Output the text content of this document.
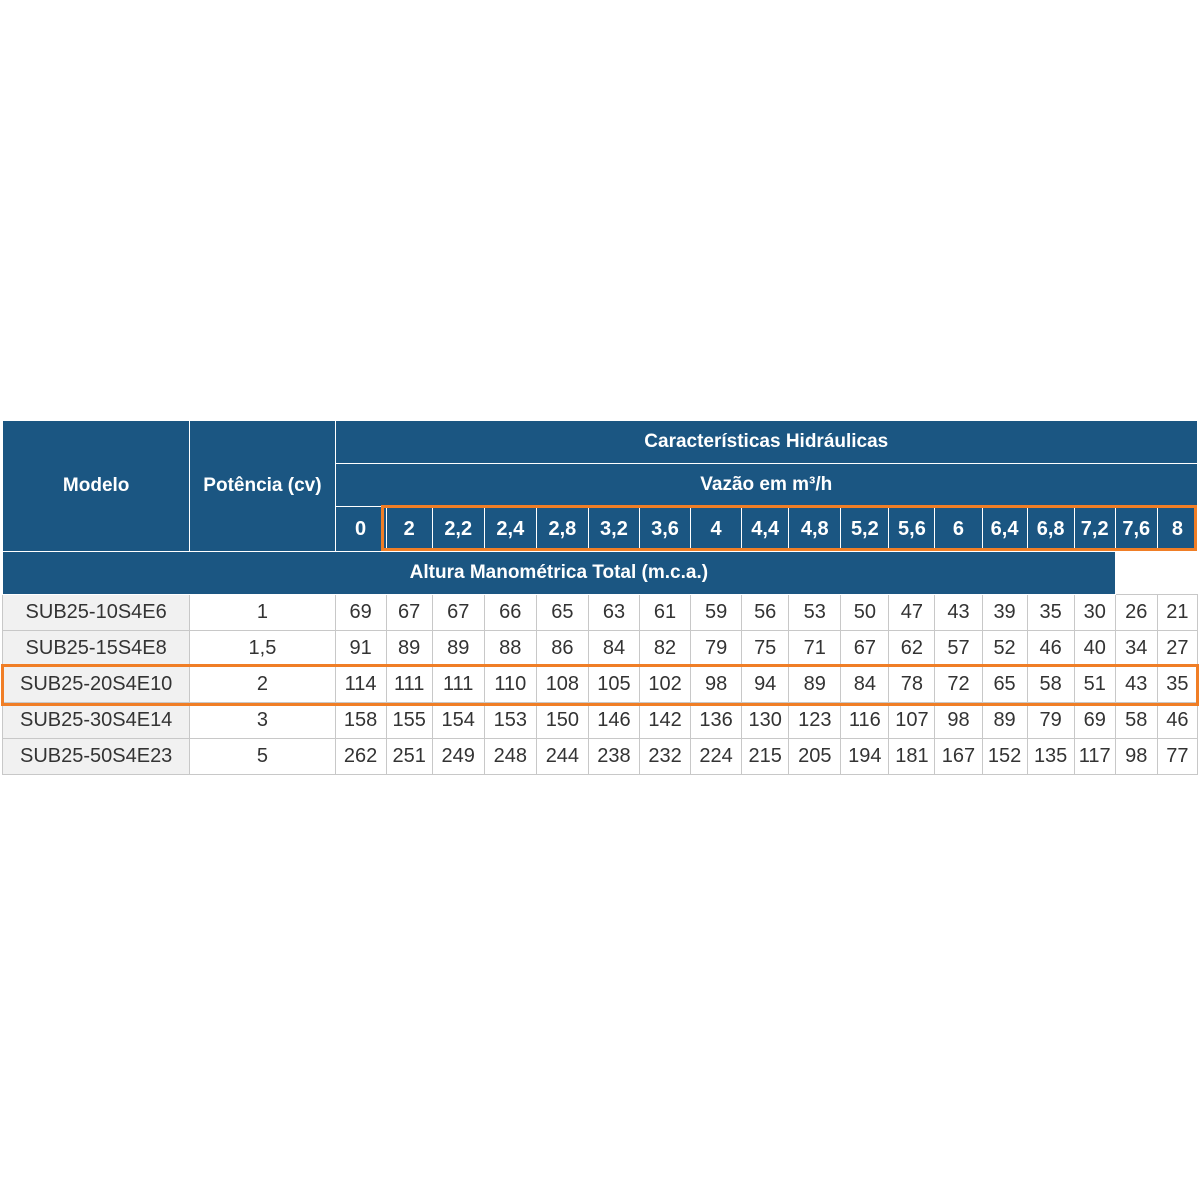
Modelo	Potência (cv)	Características Hidráulicas																	
		Vazão em m³/h																	
		0	2	2,2	2,4	2,8	3,2	3,6	4	4,4	4,8	5,2	5,6	6	6,4	6,8	7,2	7,6	8
Altura Manométrica Total (m.c.a.)																			
SUB25-10S4E6	1	69	67	67	66	65	63	61	59	56	53	50	47	43	39	35	30	26	21
SUB25-15S4E8	1,5	91	89	89	88	86	84	82	79	75	71	67	62	57	52	46	40	34	27
SUB25-20S4E10	2	114	111	111	110	108	105	102	98	94	89	84	78	72	65	58	51	43	35
SUB25-30S4E14	3	158	155	154	153	150	146	142	136	130	123	116	107	98	89	79	69	58	46
SUB25-50S4E23	5	262	251	249	248	244	238	232	224	215	205	194	181	167	152	135	117	98	77
